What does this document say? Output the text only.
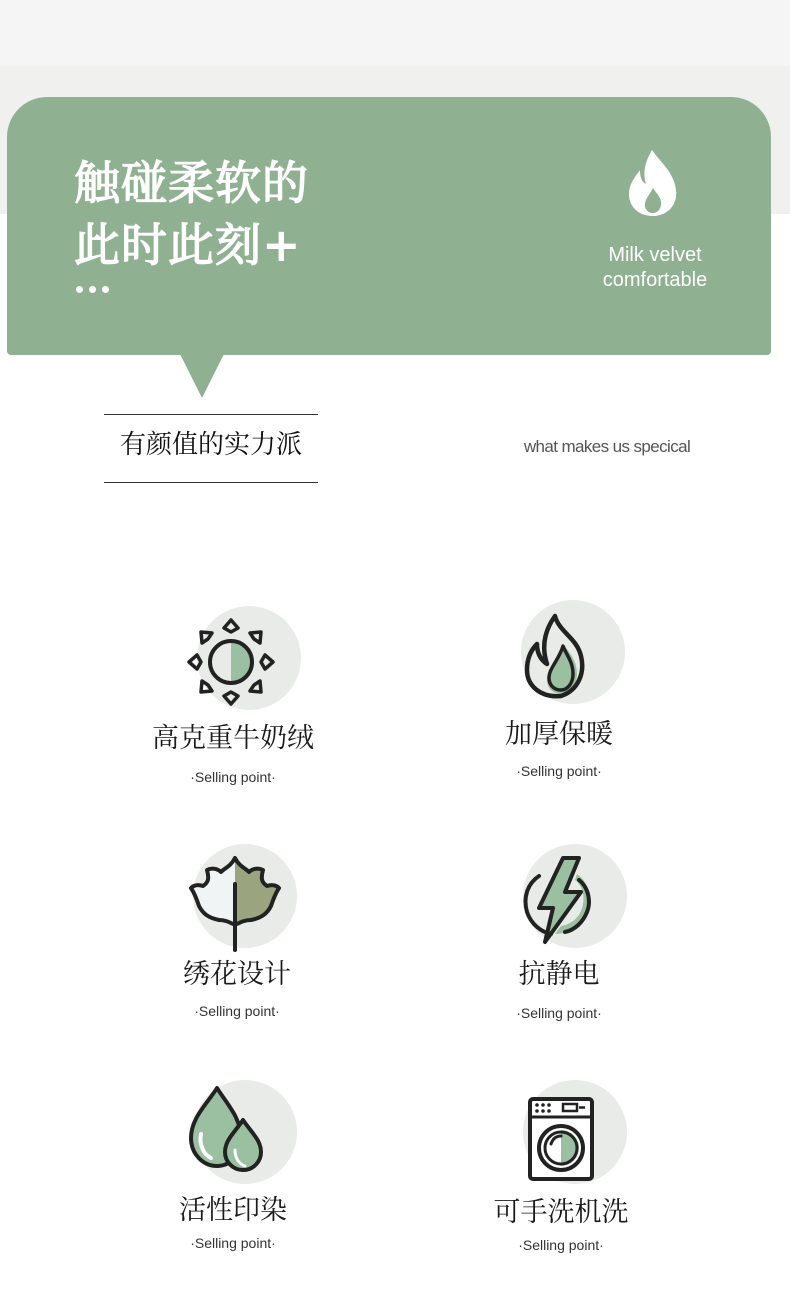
触碰柔软的
此时此刻+	Milk velvet
comfortable
有颜值的实力派	what makes us specical
高克重牛奶绒
·Selling point·
加厚保暖
·Selling point·
绣花设计
·Selling point·
抗静电
·Selling point·
活性印染
·Selling point·
可手洗机洗
·Selling point·
